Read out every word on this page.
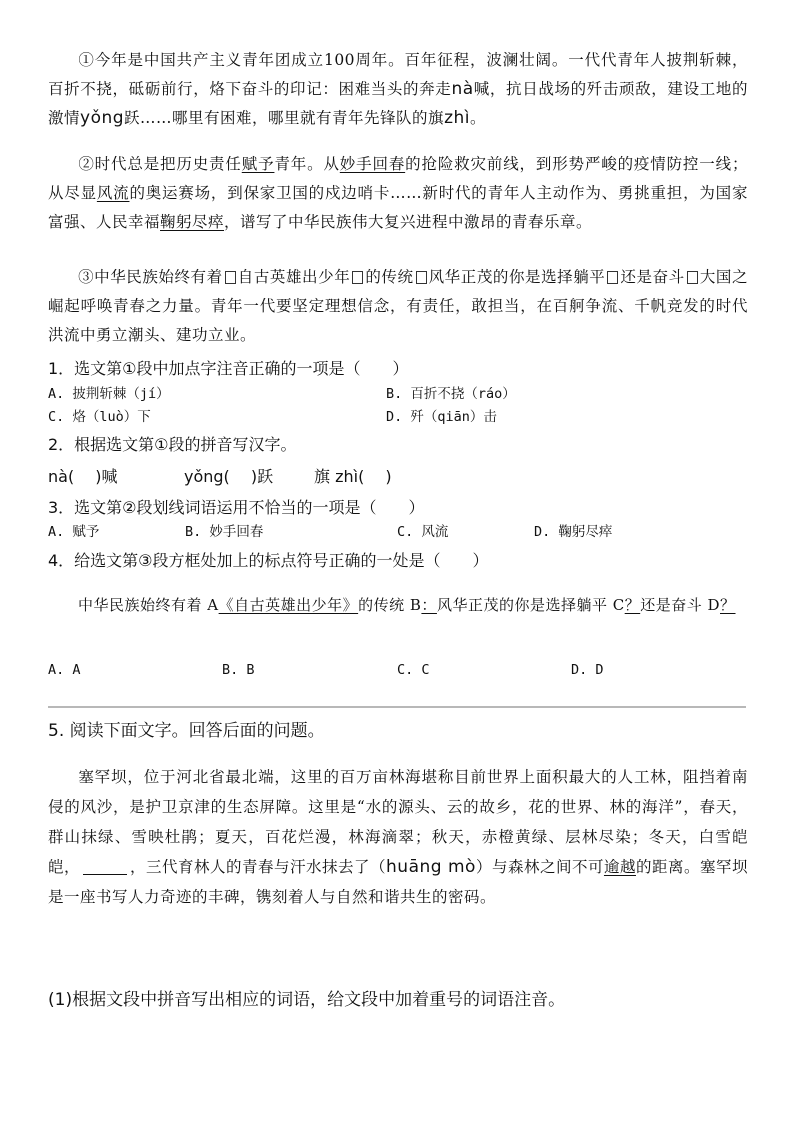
①今年是中国共产主义青年团成立100周年。百年征程，波澜壮阔。一代代青年人披荆斩棘，百折不挠，砥砺前行，烙下奋斗的印记：困难当头的奔走nà喊，抗日战场的歼击顽敌，建设工地的激情yǒng跃……哪里有困难，哪里就有青年先锋队的旗zhì。
②时代总是把历史责任赋予青年。从妙手回春的抢险救灾前线，到形势严峻的疫情防控一线；从尽显风流的奥运赛场，到保家卫国的戍边哨卡……新时代的青年人主动作为、勇挑重担，为国家富强、人民幸福鞠躬尽瘁，谱写了中华民族伟大复兴进程中激昂的青春乐章。
③中华民族始终有着 自古英雄出少年 的传统 风华正茂的你是选择躺平 还是奋斗 大国之崛起呼唤青春之力量。青年一代要坚定理想信念，有责任，敢担当，在百舸争流、千帆竞发的时代洪流中勇立潮头、建功立业。
1．选文第①段中加点字注音正确的一项是（　　）
A. 披荆斩棘（jí）	B. 百折不挠（ráo）
C. 烙（luò）下	D. 歼（qiān）击
2．根据选文第①段的拼音写汉字。
nà(　 )喊	yǒng(　 )跃	旗 zhì(　 )
3．选文第②段划线词语运用不恰当的一项是（　　）
A. 赋予	B. 妙手回春	C. 风流	D. 鞠躬尽瘁
4．给选文第③段方框处加上的标点符号正确的一处是（　　）
中华民族始终有着 A《自古英雄出少年》的传统 B：风华正茂的你是选择躺平 C？还是奋斗 D？
A. A	B. B	C. C	D. D
5. 阅读下面文字。回答后面的问题。
塞罕坝，位于河北省最北端，这里的百万亩林海堪称目前世界上面积最大的人工林，阻挡着南侵的风沙，是护卫京津的生态屏障。这里是“水的源头、云的故乡，花的世界、林的海洋”，春天，群山抹绿、雪映杜鹃；夏天，百花烂漫，林海滴翠；秋天，赤橙黄绿、层林尽染；冬天，白雪皑皑，	，三代育林人的青春与汗水抹去了（huāng mò）与森林之间不可逾越的距离。塞罕坝是一座书写人力奇迹的丰碑，镌刻着人与自然和谐共生的密码。
(1)根据文段中拼音写出相应的词语，给文段中加着重号的词语注音。
